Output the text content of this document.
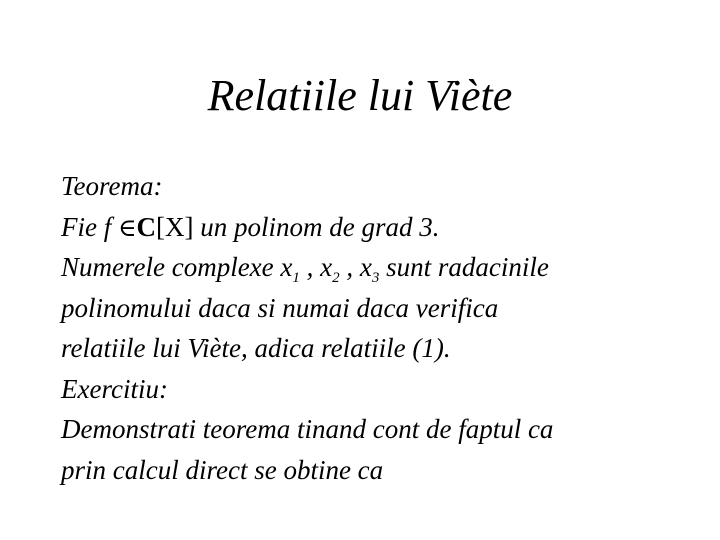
Relatiile lui Viète
Teorema:
Fie f ∈C[X] un polinom de grad 3.
Numerele complexe $x_1$ , $x_2$ , $x_3$ sunt radacinile
polinomului daca si numai daca verifica
relatiile lui Viète, adica relatiile (1).
Exercitiu:
Demonstrati teorema tinand cont de faptul ca
prin calcul direct se obtine ca
